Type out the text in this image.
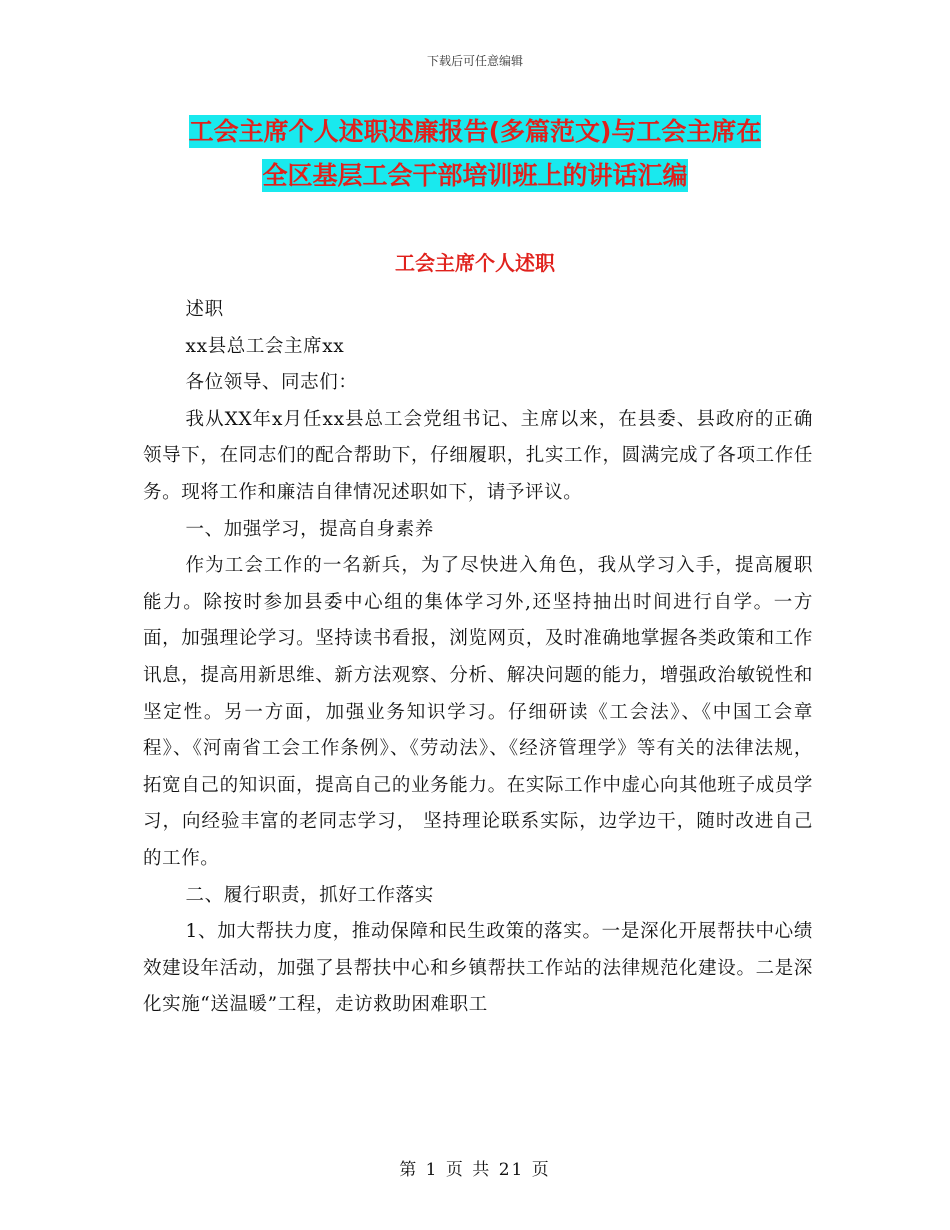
下载后可任意编辑
工会主席个人述职述廉报告(多篇范文)与工会主席在
全区基层工会干部培训班上的讲话汇编
工会主席个人述职

述职

xx县总工会主席xx

各位领导、同志们：

我从XX年x月任xx县总工会党组书记、主席以来，在县委、县政府的正确领导下，在同志们的配合帮助下，仔细履职，扎实工作，圆满完成了各项工作任务。现将工作和廉洁自律情况述职如下，请予评议。

一、加强学习，提高自身素养

作为工会工作的一名新兵，为了尽快进入角色，我从学习入手，提高履职能力。除按时参加县委中心组的集体学习外,还坚持抽出时间进行自学。一方面，加强理论学习。坚持读书看报，浏览网页，及时准确地掌握各类政策和工作讯息，提高用新思维、新方法观察、分析、解决问题的能力，增强政治敏锐性和坚定性。另一方面，加强业务知识学习。仔细研读《工会法》、《中国工会章程》、《河南省工会工作条例》、《劳动法》、《经济管理学》等有关的法律法规，拓宽自己的知识面，提高自己的业务能力。在实际工作中虚心向其他班子成员学习，向经验丰富的老同志学习， 坚持理论联系实际，边学边干，随时改进自己的工作。

二、履行职责，抓好工作落实

1、加大帮扶力度，推动保障和民生政策的落实。一是深化开展帮扶中心绩效建设年活动，加强了县帮扶中心和乡镇帮扶工作站的法律规范化建设。二是深化实施“送温暖”工程，走访救助困难职工

第 1 页 共 21 页
